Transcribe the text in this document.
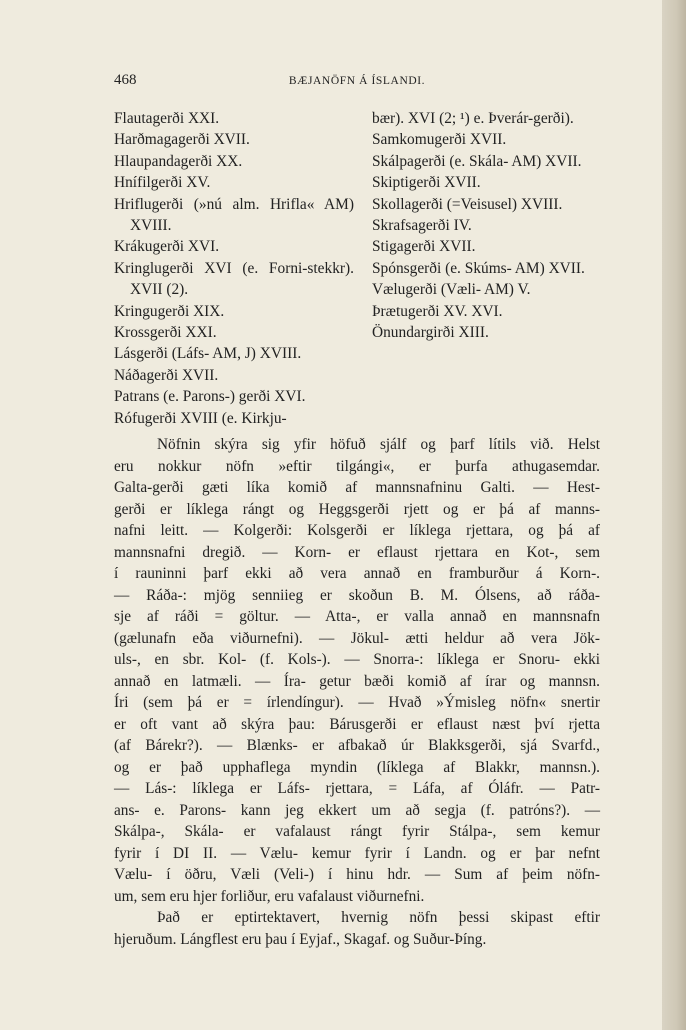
468	BÆJANÖFN Á ÍSLANDI.
Flautagerði XXI.
Harðmagagerði XVII.
Hlaupandagerði XX.
Hnífilgerði XV.
Hriflugerði (»nú alm. Hrifla« AM) XVIII.
Krákugerði XVI.
Kringlugerði XVI (e. Forni-stekkr). XVII (2).
Kringugerði XIX.
Krossgerði XXI.
Lásgerði (Láfs- AM, J) XVIII.
Náðagerði XVII.
Patrans (e. Parons-) gerði XVI.
Rófugerði XVIII (e. Kirkju-
bær). XVI (2; ¹) e. Þverár-gerði).
Samkomugerði XVII.
Skálpagerði (e. Skála- AM) XVII.
Skiptigerði XVII.
Skollagerði (=Veisusel) XVIII.
Skrafsagerði IV.
Stigagerði XVII.
Spónsgerði (e. Skúms- AM) XVII.
Vælugerði (Væli- AM) V.
Þrætugerði XV. XVI.
Önundargirði XIII.
Nöfnin skýra sig yfir höfuð sjálf og þarf lítils við. Helst
eru nokkur nöfn »eftir tilgángi«, er þurfa athugasemdar.
Galta-gerði gæti líka komið af mannsnafninu Galti. — Hest-
gerði er líklega rángt og Heggsgerði rjett og er þá af manns-
nafni leitt. — Kolgerði: Kolsgerði er líklega rjettara, og þá af
mannsnafni dregið. — Korn- er eflaust rjettara en Kot-, sem
í rauninni þarf ekki að vera annað en framburður á Korn-.
— Ráða-: mjög senniieg er skoðun B. M. Ólsens, að ráða-
sje af ráði = göltur. — Atta-, er valla annað en mannsnafn
(gælunafn eða viðurnefni). — Jökul- ætti heldur að vera Jök-
uls-, en sbr. Kol- (f. Kols-). — Snorra-: líklega er Snoru- ekki
annað en latmæli. — Íra- getur bæði komið af írar og mannsn.
Íri (sem þá er = írlendíngur). — Hvað »Ýmisleg nöfn« snertir
er oft vant að skýra þau: Bárusgerði er eflaust næst því rjetta
(af Bárekr?). — Blænks- er afbakað úr Blakksgerði, sjá Svarfd.,
og er það upphaflega myndin (líklega af Blakkr, mannsn.).
— Lás-: líklega er Láfs- rjettara, = Láfa, af Óláfr. — Patr-
ans- e. Parons- kann jeg ekkert um að segja (f. patróns?). —
Skálpa-, Skála- er vafalaust rángt fyrir Stálpa-, sem kemur
fyrir í DI II. — Vælu- kemur fyrir í Landn. og er þar nefnt
Vælu- í öðru, Væli (Veli-) í hinu hdr. — Sum af þeim nöfn-
um, sem eru hjer forliður, eru vafalaust viðurnefni.
Það er eptirtektavert, hvernig nöfn þessi skipast eftir
hjeruðum. Lángflest eru þau í Eyjaf., Skagaf. og Suður-Þíng.
